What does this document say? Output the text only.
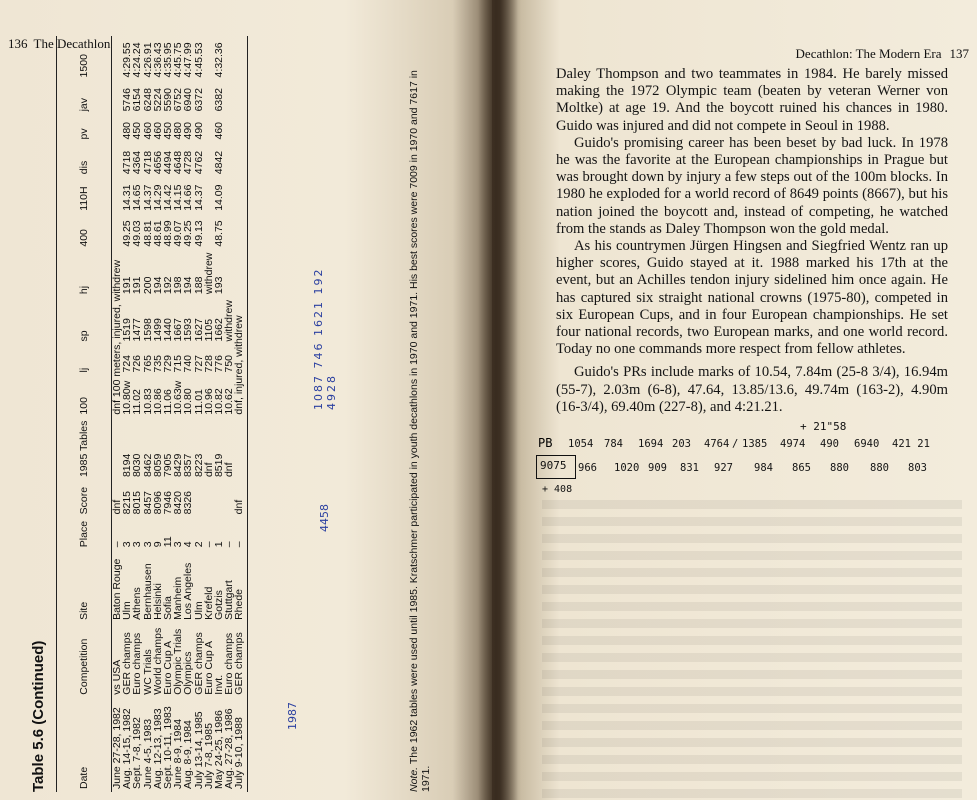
136 The Decathlon
Table 5.6 (Continued)	Date	Competition	Site	Place	Score	1985 Tables	100	lj	sp	hj	400	110H	dis	pv	jav	1500
June 27-28, 1982	vs USA	Baton Rouge	–	dnf		dnf 100 meters, injured, withdrew									
Aug. 14-15, 1982	GER champs	Ulm	3	8215	8194	10.80w	724	1519	191	49.25	14.31	4718	480	5746	4:29.55
Sept. 7-8, 1982	Euro champs	Athens	3	8015	8030	11.02	726	1477	191	49.03	14.65	4364	450	6154	4:24.24
June 4-5, 1983	WC Trials	Bernhausen	3	8457	8462	10.83	765	1598	200	48.81	14.37	4718	460	6248	4:26.91
Aug. 12-13, 1983	World champs	Helsinki	9	8096	8059	10.86	735	1499	194	48.61	14.29	4656	460	5224	4:36.43
Sept. 10-11, 1983	Euro Cup A	Sofia	11	7946	7905	11.06	729	1440	192	48.99	14.42	4494	450	5590	4:35.95
June 8-9, 1984	Olympic Trials	Manheim	3	8420	8429	10.63w	715	1667	198	49.07	14.15	4648	480	6752	4:45.75
Aug. 8-9, 1984	Olympics	Los Angeles	4	8326	8357	10.80	740	1593	194	49.25	14.66	4728	490	6940	4:47.99
July 13-14, 1985	GER champs	Ulm	2		8223	11.01	727	1627	188	49.13	14.37	4762	490	6372	4:45.53
July 7-8, 1985	Euro Cup A	Krefeld	–		dnf	10.96	728	1105	withdrew						
May 24-25, 1986	Invt.	Gotzis	1		8519	10.82	776	1662	193	48.75	14.09	4842	460	6382	4:32.36
Aug. 27-28, 1986	Euro champs	Stuttgart	–		dnf	10.62	750	withdrew							
July 9-10, 1988	GER champs	Rhede	–	dnf		dnf, injured, withdrew									
Note. The 1962 tables were used until 1985. Kratschmer participated in youth decathlons in 1970 and 1971. His best scores were 7009 in 1970 and 7617 in 1971.
1987
4458
1087 746 1621 192 4928
Decathlon: The Modern Era 137

Daley Thompson and two teammates in 1984. He barely missed making the 1972 Olympic team (beaten by veteran Werner von Moltke) at age 19. And the boycott ruined his chances in 1980. Guido was injured and did not compete in Seoul in 1988.

Guido's promising career has been beset by bad luck. In 1978 he was the favorite at the European championships in Prague but was brought down by injury a few steps out of the 100m blocks. In 1980 he exploded for a world record of 8649 points (8667), but his nation joined the boycott and, instead of competing, he watched from the stands as Daley Thompson won the gold medal.

As his countrymen Jürgen Hingsen and Siegfried Wentz ran up higher scores, Guido stayed at it. 1988 marked his 17th at the event, but an Achilles tendon injury sidelined him once again. He has captured six straight national crowns (1975-80), competed in six European Cups, and in four European championships. He set four national records, two European marks, and one world record. Today no one commands more respect from fellow athletes.

Guido's PRs include marks of 10.54, 7.84m (25-8 3/4), 16.94m (55-7), 2.03m (6-8), 47.64, 13.85/13.6, 49.74m (163-2), 4.90m (16-3/4), 69.40m (227-8), and 4:21.21.

+ 21"58
PB 1054 784 1694 203 4764 / 1385 4974 490 6940 421 21
9075 966 1020 909 831 927 984 865 880 880 803
+ 408
